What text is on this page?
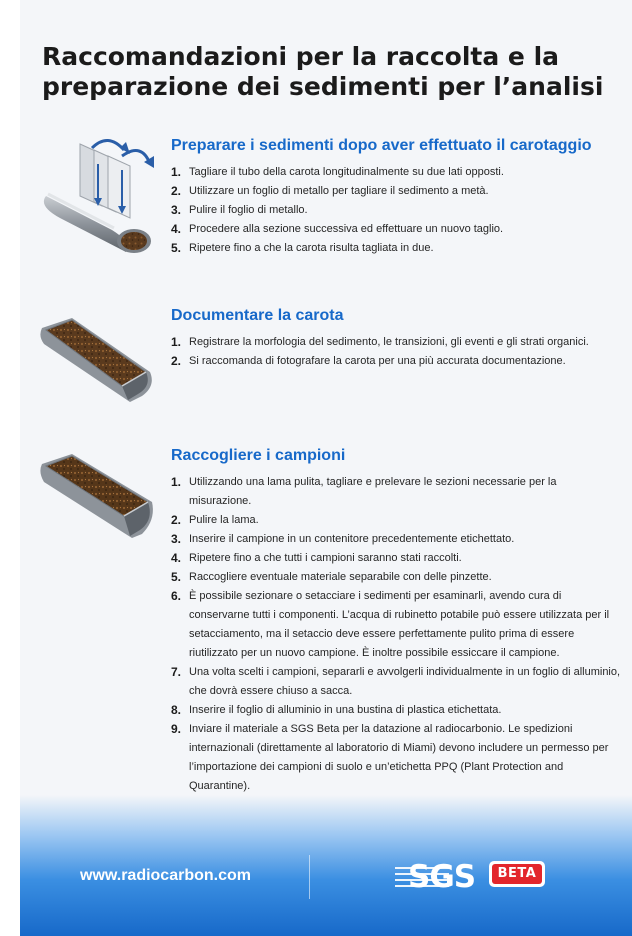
Raccomandazioni per la raccolta e la
preparazione dei sedimenti per l’analisi
Preparare i sedimenti dopo aver effettuato il carotaggio
1. Tagliare il tubo della carota longitudinalmente su due lati opposti.
2. Utilizzare un foglio di metallo per tagliare il sedimento a metà.
3. Pulire il foglio di metallo.
4. Procedere alla sezione successiva ed effettuare un nuovo taglio.
5. Ripetere fino a che la carota risulta tagliata in due.
Documentare la carota
1. Registrare la morfologia del sedimento, le transizioni, gli eventi e gli strati organici.
2. Si raccomanda di fotografare la carota per una più accurata documentazione.
Raccogliere i campioni
1. Utilizzando una lama pulita, tagliare e prelevare le sezioni necessarie per la misurazione.
2. Pulire la lama.
3. Inserire il campione in un contenitore precedentemente etichettato.
4. Ripetere fino a che tutti i campioni saranno stati raccolti.
5. Raccogliere eventuale materiale separabile con delle pinzette.
6. È possibile sezionare o setacciare i sedimenti per esaminarli, avendo cura di conservarne tutti i componenti. L’acqua di rubinetto potabile può essere utilizzata per il setacciamento, ma il setaccio deve essere perfettamente pulito prima di essere riutilizzato per un nuovo campione. È inoltre possibile essiccare il campione.
7. Una volta scelti i campioni, separarli e avvolgerli individualmente in un foglio di alluminio, che dovrà essere chiuso a sacca.
8. Inserire il foglio di alluminio in una bustina di plastica etichettata.
9. Inviare il materiale a SGS Beta per la datazione al radiocarbonio. Le spedizioni internazionali (direttamente al laboratorio di Miami) devono includere un permesso per l’importazione dei campioni di suolo e un’etichetta PPQ (Plant Protection and Quarantine).
www.radiocarbon.com	SGS	BETA
